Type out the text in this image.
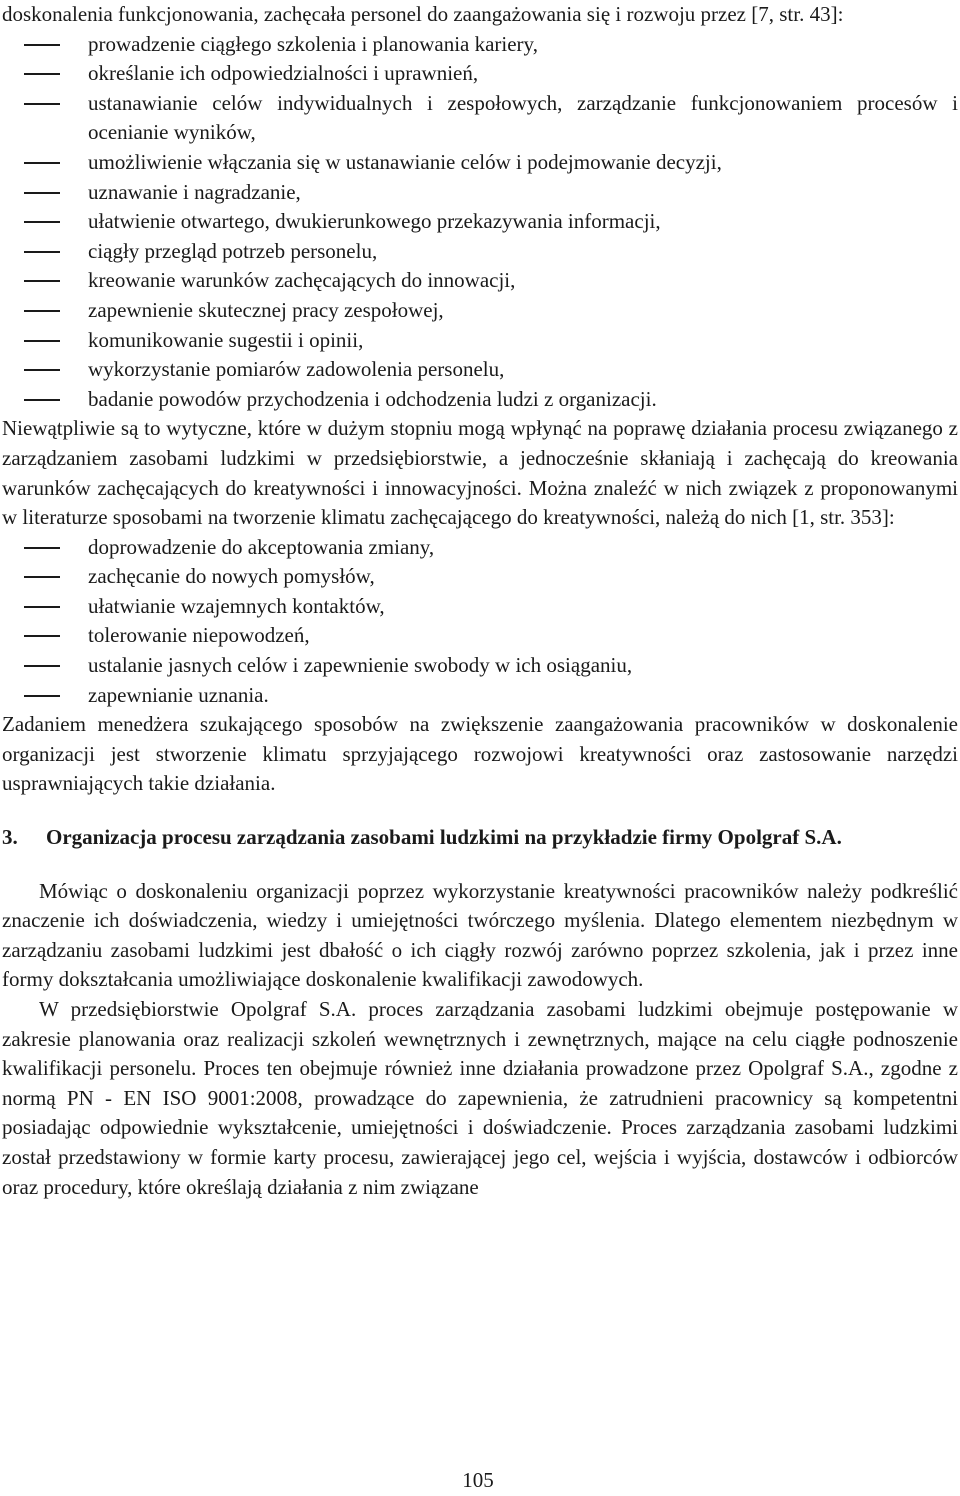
doskonalenia funkcjonowania, zachęcała personel do zaangażowania się i rozwoju przez [7, str. 43]:

prowadzenie ciągłego szkolenia i planowania kariery,
określanie ich odpowiedzialności i uprawnień,
ustanawianie celów indywidualnych i zespołowych, zarządzanie funkcjonowaniem procesów i ocenianie wyników,
umożliwienie włączania się w ustanawianie celów i podejmowanie decyzji,
uznawanie i nagradzanie,
ułatwienie otwartego, dwukierunkowego przekazywania informacji,
ciągły przegląd potrzeb personelu,
kreowanie warunków zachęcających do innowacji,
zapewnienie skutecznej pracy zespołowej,
komunikowanie sugestii i opinii,
wykorzystanie pomiarów zadowolenia personelu,
badanie powodów przychodzenia i odchodzenia ludzi z organizacji.

Niewątpliwie są to wytyczne, które w dużym stopniu mogą wpłynąć na poprawę działania procesu związanego z zarządzaniem zasobami ludzkimi w przedsiębiorstwie, a jednocześnie skłaniają i zachęcają do kreowania warunków zachęcających do kreatywności i innowacyjności. Można znaleźć w nich związek z proponowanymi w literaturze sposobami na tworzenie klimatu zachęcającego do kreatywności, należą do nich [1, str. 353]:

doprowadzenie do akceptowania zmiany,
zachęcanie do nowych pomysłów,
ułatwianie wzajemnych kontaktów,
tolerowanie niepowodzeń,
ustalanie jasnych celów i zapewnienie swobody w ich osiąganiu,
zapewnianie uznania.

Zadaniem menedżera szukającego sposobów na zwiększenie zaangażowania pracowników w doskonalenie organizacji jest stworzenie klimatu sprzyjającego rozwojowi kreatywności oraz zastosowanie narzędzi usprawniających takie działania.

3. Organizacja procesu zarządzania zasobami ludzkimi na przykładzie firmy Opolgraf S.A.

Mówiąc o doskonaleniu organizacji poprzez wykorzystanie kreatywności pracowników należy podkreślić znaczenie ich doświadczenia, wiedzy i umiejętności twórczego myślenia. Dlatego elementem niezbędnym w zarządzaniu zasobami ludzkimi jest dbałość o ich ciągły rozwój zarówno poprzez szkolenia, jak i przez inne formy dokształcania umożliwiające doskonalenie kwalifikacji zawodowych.

W przedsiębiorstwie Opolgraf S.A. proces zarządzania zasobami ludzkimi obejmuje postępowanie w zakresie planowania oraz realizacji szkoleń wewnętrznych i zewnętrznych, mające na celu ciągłe podnoszenie kwalifikacji personelu. Proces ten obejmuje również inne działania prowadzone przez Opolgraf S.A., zgodne z normą PN - EN ISO 9001:2008, prowadzące do zapewnienia, że zatrudnieni pracownicy są kompetentni posiadając odpowiednie wykształcenie, umiejętności i doświadczenie. Proces zarządzania zasobami ludzkimi został przedstawiony w formie karty procesu, zawierającej jego cel, wejścia i wyjścia, dostawców i odbiorców oraz procedury, które określają działania z nim związane

105
